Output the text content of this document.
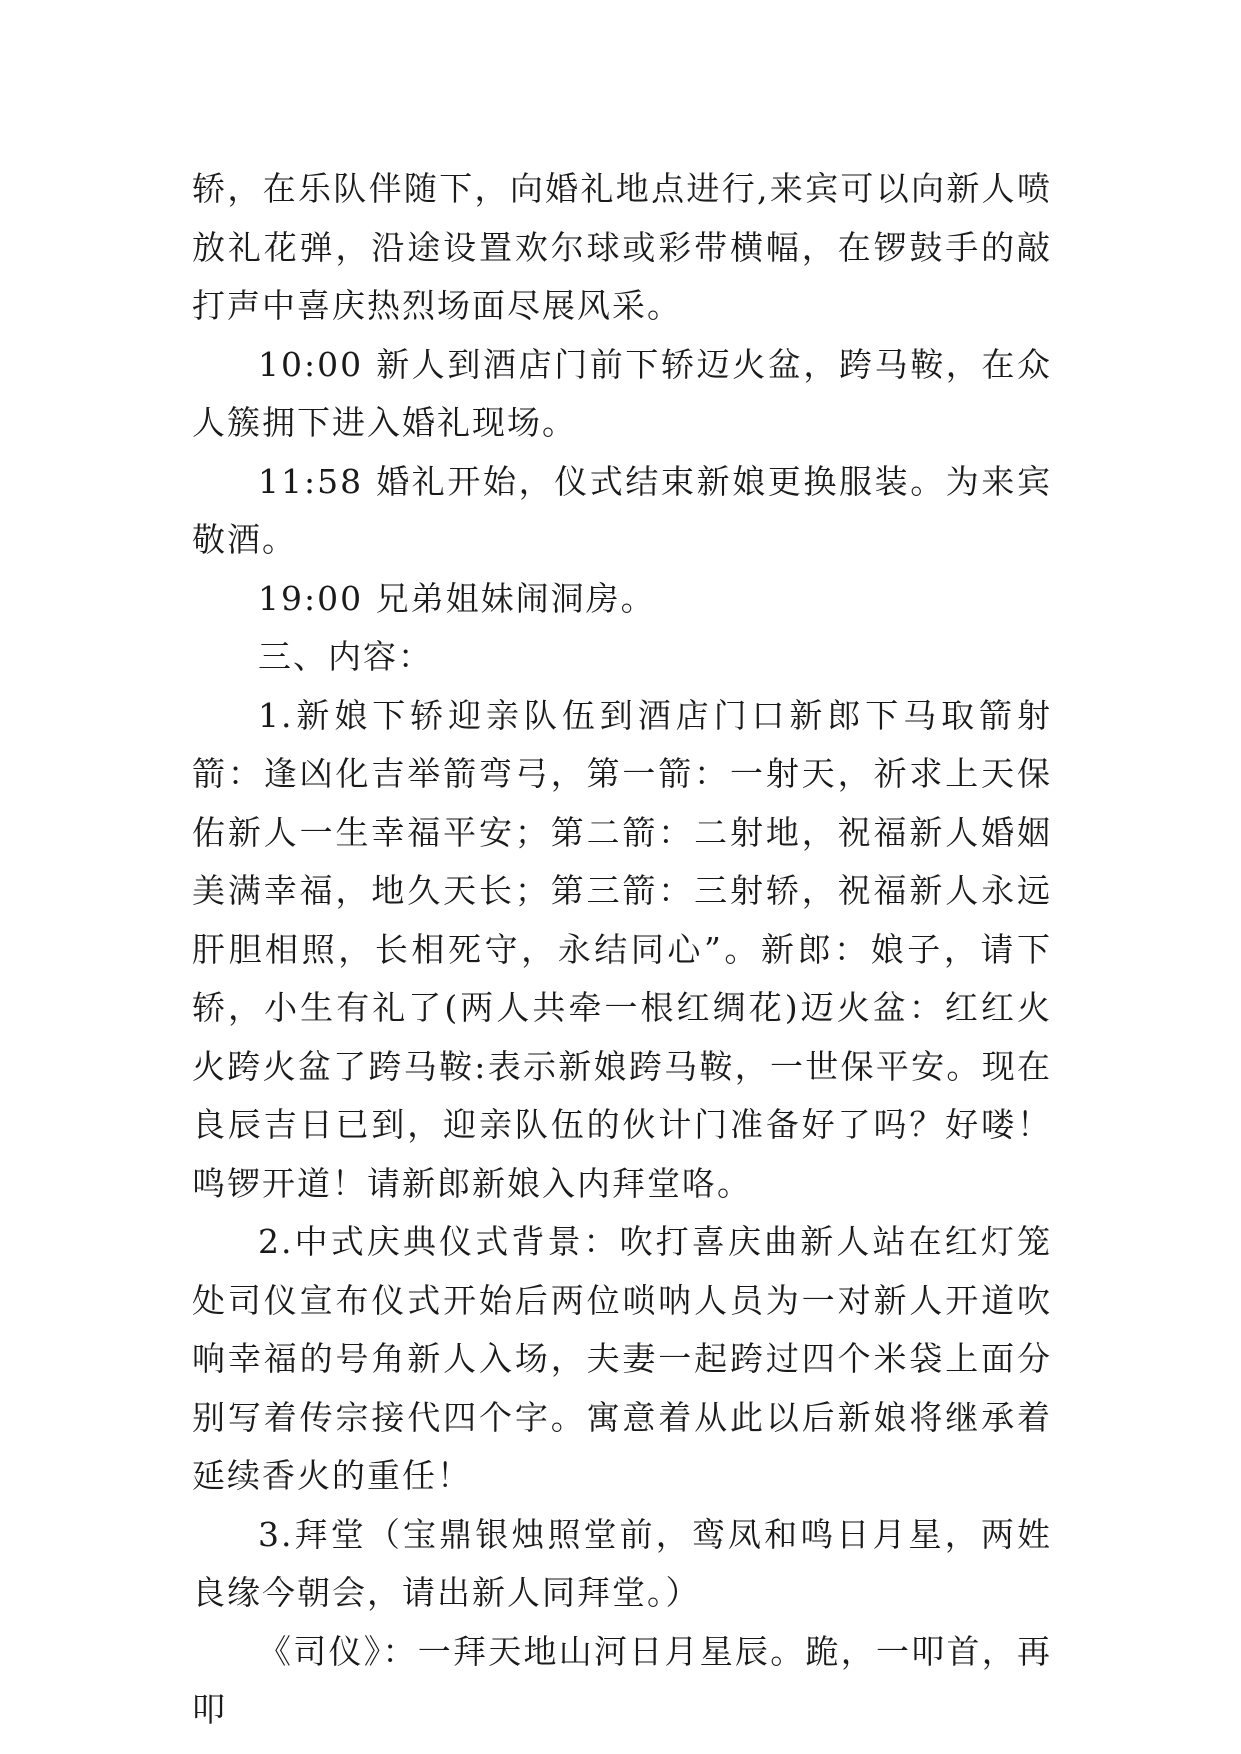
轿，在乐队伴随下，向婚礼地点进行,来宾可以向新人喷放礼花弹，沿途设置欢尔球或彩带横幅，在锣鼓手的敲打声中喜庆热烈场面尽展风采。

10:00 新人到酒店门前下轿迈火盆，跨马鞍，在众人簇拥下进入婚礼现场。

11:58 婚礼开始，仪式结束新娘更换服装。为来宾敬酒。

19:00 兄弟姐妹闹洞房。

三、内容：

1.新娘下轿迎亲队伍到酒店门口新郎下马取箭射箭：逢凶化吉举箭弯弓，第一箭：一射天，祈求上天保佑新人一生幸福平安；第二箭：二射地，祝福新人婚姻美满幸福，地久天长；第三箭：三射轿，祝福新人永远肝胆相照，长相死守，永结同心”。新郎：娘子，请下轿，小生有礼了(两人共牵一根红绸花)迈火盆：红红火火跨火盆了跨马鞍:表示新娘跨马鞍，一世保平安。现在良辰吉日已到，迎亲队伍的伙计门准备好了吗？好喽！鸣锣开道！请新郎新娘入内拜堂咯。

2.中式庆典仪式背景：吹打喜庆曲新人站在红灯笼处司仪宣布仪式开始后两位唢呐人员为一对新人开道吹响幸福的号角新人入场，夫妻一起跨过四个米袋上面分别写着传宗接代四个字。寓意着从此以后新娘将继承着延续香火的重任！

3.拜堂（宝鼎银烛照堂前，鸾凤和鸣日月星，两姓良缘今朝会，请出新人同拜堂。）

《司仪》：一拜天地山河日月星辰。跪，一叩首，再叩
